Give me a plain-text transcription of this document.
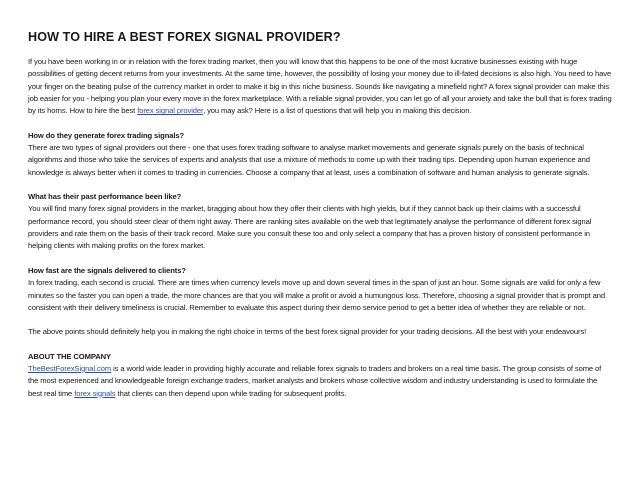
HOW TO HIRE A BEST FOREX SIGNAL PROVIDER?

If you have been working in or in relation with the forex trading market, then you will know that this happens to be one of the most lucrative businesses existing with huge possibilities of getting decent returns from your investments. At the same time, however, the possibility of losing your money due to ill-fated decisions is also high. You need to have your finger on the beating pulse of the currency market in order to make it big in this niche business. Sounds like navigating a minefield right? A forex signal provider can make this job easier for you - helping you plan your every move in the forex marketplace. With a reliable signal provider, you can let go of all your anxiety and take the bull that is forex trading by its horns. How to hire the best forex signal provider, you may ask? Here is a list of questions that will help you in making this decision.

How do they generate forex trading signals?

There are two types of signal providers out there - one that uses forex trading software to analyse market movements and generate signals purely on the basis of technical algorithms and those who take the services of experts and analysts that use a mixture of methods to come up with their trading tips. Depending upon human experience and knowledge is always better when it comes to trading in currencies. Choose a company that at least, uses a combination of software and human analysis to generate signals.

What has their past performance been like?

You will find many forex signal providers in the market, bragging about how they offer their clients with high yields, but if they cannot back up their claims with a successful performance record, you should steer clear of them right away. There are ranking sites available on the web that legitimately analyse the performance of different forex signal providers and rate them on the basis of their track record. Make sure you consult these too and only select a company that has a proven history of consistent performance in helping clients with making profits on the forex market.

How fast are the signals delivered to clients?

In forex trading, each second is crucial. There are times when currency levels move up and down several times in the span of just an hour. Some signals are valid for only a few minutes so the faster you can open a trade, the more chances are that you will make a profit or avoid a humungous loss. Therefore, choosing a signal provider that is prompt and consistent with their delivery timeliness is crucial. Remember to evaluate this aspect during their demo service period to get a better idea of whether they are reliable or not.

The above points should definitely help you in making the right choice in terms of the best forex signal provider for your trading decisions. All the best with your endeavours!

ABOUT THE COMPANY

TheBestForexSignal.com is a world wide leader in providing highly accurate and reliable forex signals to traders and brokers on a real time basis. The group consists of some of the most experienced and knowledgeable foreign exchange traders, market analysts and brokers whose collective wisdom and industry understanding is used to formulate the best real time forex signals that clients can then depend upon while trading for subsequent profits.
